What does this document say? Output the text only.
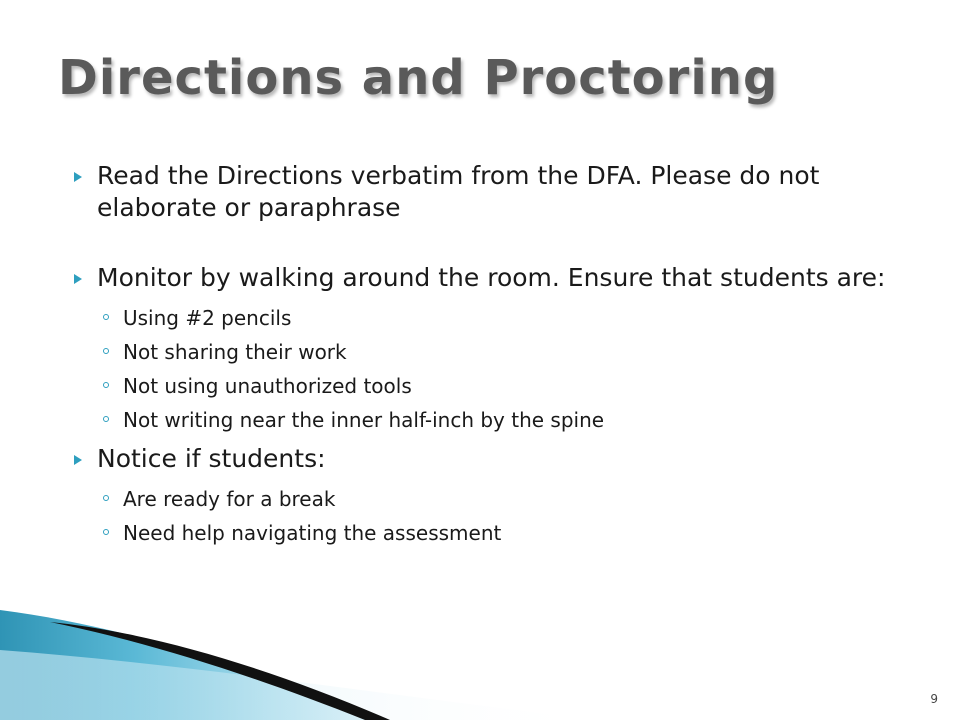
Directions and Proctoring
Read the Directions verbatim from the DFA. Please do not elaborate or paraphrase
Monitor by walking around the room. Ensure that students are:
Using #2 pencils
Not sharing their work
Not using unauthorized tools
Not writing near the inner half-inch by the spine
Notice if students:
Are ready for a break
Need help navigating the assessment
9
